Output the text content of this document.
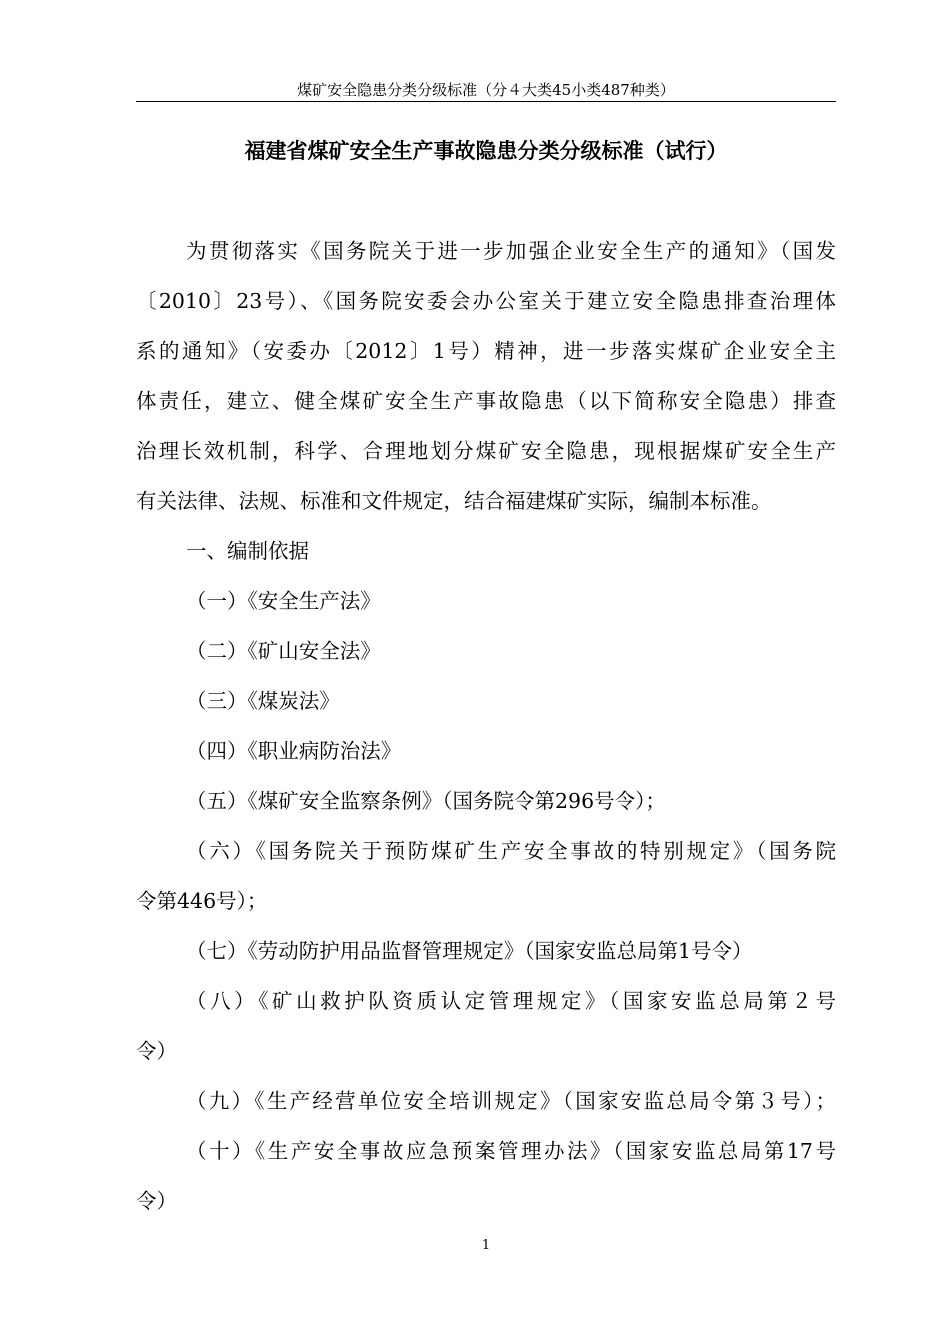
煤矿安全隐患分类分级标准（分４大类45小类487种类）
福建省煤矿安全生产事故隐患分类分级标准（试行）
为贯彻落实《国务院关于进一步加强企业安全生产的通知》（国发
〔2010〕23号）、《国务院安委会办公室关于建立安全隐患排查治理体
系的通知》（安委办〔2012〕1号）精神，进一步落实煤矿企业安全主
体责任，建立、健全煤矿安全生产事故隐患（以下简称安全隐患）排查
治理长效机制，科学、合理地划分煤矿安全隐患，现根据煤矿安全生产
有关法律、法规、标准和文件规定，结合福建煤矿实际，编制本标准。
一、编制依据
（一）《安全生产法》
（二）《矿山安全法》
（三）《煤炭法》
（四）《职业病防治法》
（五）《煤矿安全监察条例》（国务院令第296号令）；
（六）《国务院关于预防煤矿生产安全事故的特别规定》（国务院
令第446号）；
（七）《劳动防护用品监督管理规定》（国家安监总局第1号令）
（八）《矿山救护队资质认定管理规定》（国家安监总局第２号
令）
（九）《生产经营单位安全培训规定》（国家安监总局令第３号）；
（十）《生产安全事故应急预案管理办法》（国家安监总局第17号
令）
1
